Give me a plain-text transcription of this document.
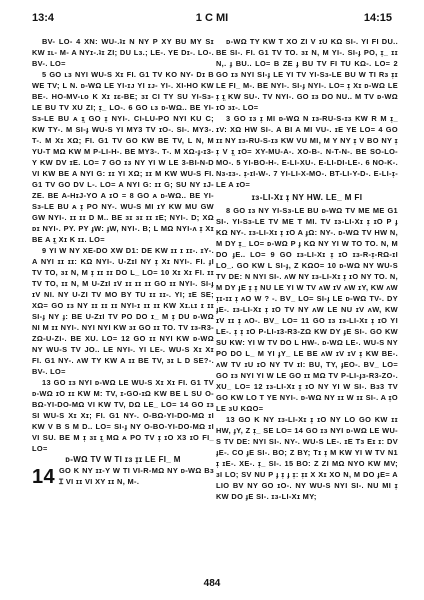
13:4	1 C MI	14:15

BV- LO- 4 XN: WU-.ʇɪ N NY P XY BU MY Sɪ KW ɪʟ- M- A NYɪ-.ʇɪ ZI; DU Lɜ.; LE-. YE Dɪ-. LO-. BV-. LO=

5 GO ʟɜ NYI WU-S Xɪ FI. G1 TV KO NY- Dɪ B WE TV; L N. ᴅ-WΩ LE YI-ɪᴊ YI ɪᴊ- YI-. XI-HO KW BE-. HO-MV-ʟᴏ K Xɪ ɪɛ-BE; ɜɪ CI TY SU YI-Sɜ-LE BU TV XU ZI; ɪ̣_ LO-. 6 GO ʟɜ ᴅ-WΩ.. BE YI-Sɜ-LE BU ᴀ ɪ̣̣ GO ɪ̣ NYI-. CI-LU-PO NYI KU C; KW TY-. M SI-ɟ WU-S YI MY3 TV ɪO-. SI-. MY3-. T-. M Xɪ XΩ; FI. G1 TV GO KW BE TV, L N, M YU-T MΩ KW M P-LI-H-. BE MY3-. T-. M XΩ-ɟ-ɪ3-Y KW DV ɪE. LO= 7 GO ɪɜ NY YI W LE 3-BI-N-D VI KW BE A NYI G: ɪɪ YI XΩ; ɪɪ M KW WU-S FI. G1 TV GO DV L-. LO= A NYI G: ɪɪ G; SU NY ɪJ-ZE. BE A-HɪJ-YO A ɪO = 8 GO ᴀ ᴅ-WΩ.. BE YI-Sɜ-LE BU ᴀ ɪ̣ PO NY-. WU-S MI ɪY KW MU GW GW NYI-. ɪɪ ɪɪ D M.. BE ɜɪ ɜɪ ɪɪ ɪE; NYI-. D; XΩ ᴅɪ NYI-. PY. PY ɟW: ɟW, NYI-. B; L MΩ NYI-ʌ ɪ̣ Xɪ BE A ɪ̣̣ Xɪ K ɪɪ. LO=

9 YI W NY XE-DO XW D1: DE KW ɪɪ ɪ ɪɪ-. ɪY-. A NYI ɪɪ ɪɪ: KΩ NYI-. U-ZɪI NY ɪ̣ Xɪ NYI-. FI. ɟI TV TO, ɜɪ N, M ɪ̣ ɪɪ ɪɪ DO L_ LO= 10 Xɪ Xɪ FI. ɪɪ TV TO, ɪɪ N, M U-ZɪI ɪV ɪɪ ɪɪ ɪɪ GO ɪɪ NYI-. SI-ɟ ɪV NI. NY U-ZI TV MO BY TU ɪɪ ɪɪ-. YI; ɪE SE; XΩ= GO ɪɜ NY ɪɪ ɪɪ ɪɪ NYI-ɪ ɪɪ ɪɪ KW Xɪ.ʟɪ ɪ ɪɪ SI-ɟ NY ɟ: BE U-ZɪI TV PO DO ɪ_ M ɪ̣ DU ᴅ-WΩ NI M ɪɪ NYI-. NYI NYI KW ɜɪ GO ɪɪ TO. TV ɪɜ-R3-ZΩ-U-ZI-. BE XU. LO= 12 GO ɪɪ NYI KW ᴅ-WΩ NY WU-S TV JO.. LE NYI-. YI LE-. WU-S Xɪ Xɪ FI. G1 NY-. ʌW TY KW A ɪɪ BE TV, ɜɪ L D SE?-. BV-. LO=

13 GO ɪɜ NYI ᴅ-WΩ LE WU-S Xɪ Xɪ FI. G1 TV ᴅ-WΩ ɪO ɪɪ KW M: TV, ɪ-GO-ɪΩ KW BE L SU O-BΩ-YI-DO-MΩ VI KW TV, DΩ LE_ LO= 14 GO ɪɜ SI WU-S Xɪ Xɪ; FI. G1 NY-. O-BΩ-YI-DO-MΩ ɪI KW V B S M D.. LO= SI-ɟ NY O-BO-YI-DO-MΩ ɪI VI SU. BE M ɪ̣ ɜɪ ɪ̣̣ MΩ ᴀ PO TV ɪ̣ ɪO X3 ɪO FI_ LO=

ᴅ-WΩ TV W TI ɪɜ ɪ̣ɪ LE FI_ M

14 GO K NY ɪɪ-Y W TI VI-R-MΩ NY ᴅ-WΩ Bɜ Ɪ VI ɪɪ VI XY ɪɪ N, M-.

ᴅ-WΩ TY KW T XO ZI V ɪU KΩ SI-. YI FI DU.. BE SI-. FI. G1 TV TO. ɜɪ N, M YI-. SI-ɟ PO, ɪ̣_ ɪɪ N,. ɟ BU.. LO= B ZE ɟ BU TV FI TU KΩ-. LO= 2 GO ɪɜ NYI SI-ɟ LE YI TV YI-Sɜ-LE BU W TI Rɜ ɪ̣ɪ LE FI_ M-. BE NYI-. SI-ɟ NYI-. LO= ɪ̣ Xɪ ᴅ-WΩ LE ɪ̣ ɪ̣̣ KW SU-. TV NYI-. GO ɪɜ DO NU.. M TV ᴅ-WΩ ɪO ɜɪ-. LO=

3 GO ɪɜ ɪ̣ MI ᴅ-WΩ N ɪɜ-RU-S-ɪɜ KW R M ɪ̣_ ɪV: XΩ HW SI-. A BI A MI VU-. ɪE YE LO= 4 GO ɪɪ NY ɪɜ-RU-S-ɪɜ KW VU MI, M Y NY ɪ̣ V BO NY ɪ̣ ɪ̣ V ɪ̣̣ ɪO= XY-MU-A-. XO-B-. N-T-N-. BE SO-LO-MO-. 5 YI-BO-H-. E-LI-XU-. E-LI-DI-LE-. 6 NO-K-. Nɜ-ɪɜ-. ɪ̣-ɪI-W-. 7 YI-LI-X-MO-. BT-LI-Y-D-. E-LI-ɪ̣-LE A ɪO=

ɪɜ-LI-Xɪ ɪ̣ NY HW. LE_ M FI

8 GO ɪɜ NY YI-Sɜ-LE BU ᴅ-WΩ TV ME ME G1 SI-. YI-Sɜ-LE TV ME T MI. TV ɪɜ-LI-Xɪ ɪ̣ ɪO P ɟ KΩ NY-. ɪɜ-LI-Xɪ ɪ̣ ɪO A ɟΩ: NY-. ᴅ-WΩ TV HW N, M DY ɪ̣_ LO= ᴅ-WΩ P ɟ KΩ NY YI W TO TO. N, M DO ɟE.. LO= 9 GO ɪɜ-LI-Xɪ ɪ̣ ɪO ɪɜ-R-ɪ̣-RΩ-ɪI LO_. GO KW L SI-ɟ, Z KΩO= 10 ᴅ-WΩ NY WU-S TV DE: N NYI SI-. ʌW NY ɪɜ-LI-Xɪ ɪ̣ ɪO NY TO. N, M DY ɟE ɪ̣ ɪ̣ NU LE YI W TV ʌW ɪV ʌW ɪY, KW ʌW ɪ̣ɪ-ɪɪ ɪ̣ ʌO W ? -. BV_ LO= SI-ɟ LE ᴅ-WΩ TV-. DY ɟE-. ɪɜ-LI-Xɪ ɪ̣ ɪO TV NY ʌW LE NU ɪV ʌW, KW ɪV ɪɪ ɪ̣ ʌO-. BV_ LO= 11 GO ɪɜ ɪɜ-LI-Xɪ ɪ̣ ɪO YI LE-. ɪ̣ ɪ̣ ɪO P-LI-ɪ3-R3-ZΩ KW DY ɟE SI-. GO KW SU KW: YI W TV DO L HW-. ᴅ-WΩ LE-. WU-S NY PO DO L_ M YI ɟY_ LE BE ʌW ɪV ɪV ɪ̣ KW BE-. ʌW TV ɪU ɪO NY TV ɪI: BU, TY, ɟEO-. BV_ LO= GO ɪɜ NYI YI W LE GO ɪɪ MΩ TV P-LI-ɟɜ-R3-ZO-. XU_ LO= 12 ɪɜ-LI-Xɪ ɪ̣ ɪO NY YI W SI-. Bɜ3 TV GO KW LO T YE NYI-. ᴅ-WΩ NY ɪɪ W ɪɪ SI-. A ɪ̣O LE ɜU KΩO=

13 GO K NY ɪɜ-LI-Xɪ ɪ̣ ɪO NY LO GO KW ɪɪ HW, ɟY, Z ɪ̣_ SE LO= 14 GO ɪɜ NYI ᴅ-WΩ LE WU-S TV DE: NYI SI-. NY-. WU-S LE-. ɪE Tɜ Eɪ ɪ: DV ɟE-. CO ɟE SI-. BO; Z BY; Tɪ ɪ̣ M KW YI W TV N1 ɪ̣ ɪE-. XE-. ɪ̣_ SI-. 15 BO: Z ZI MΩ NYO KW MV; ɜI LO; SV NU P ɟ ɪ̣ ɟ ɪ̣: ɪ̣ɪ X Xɪ XO N, M DO ɟE= A LIO BV NY GO ɪO-. NY WU-S NYI SI-. NU MI ɪ̣ KW DO ɟE SI-. ɪɜ-LI-Xɪ MY;

484
